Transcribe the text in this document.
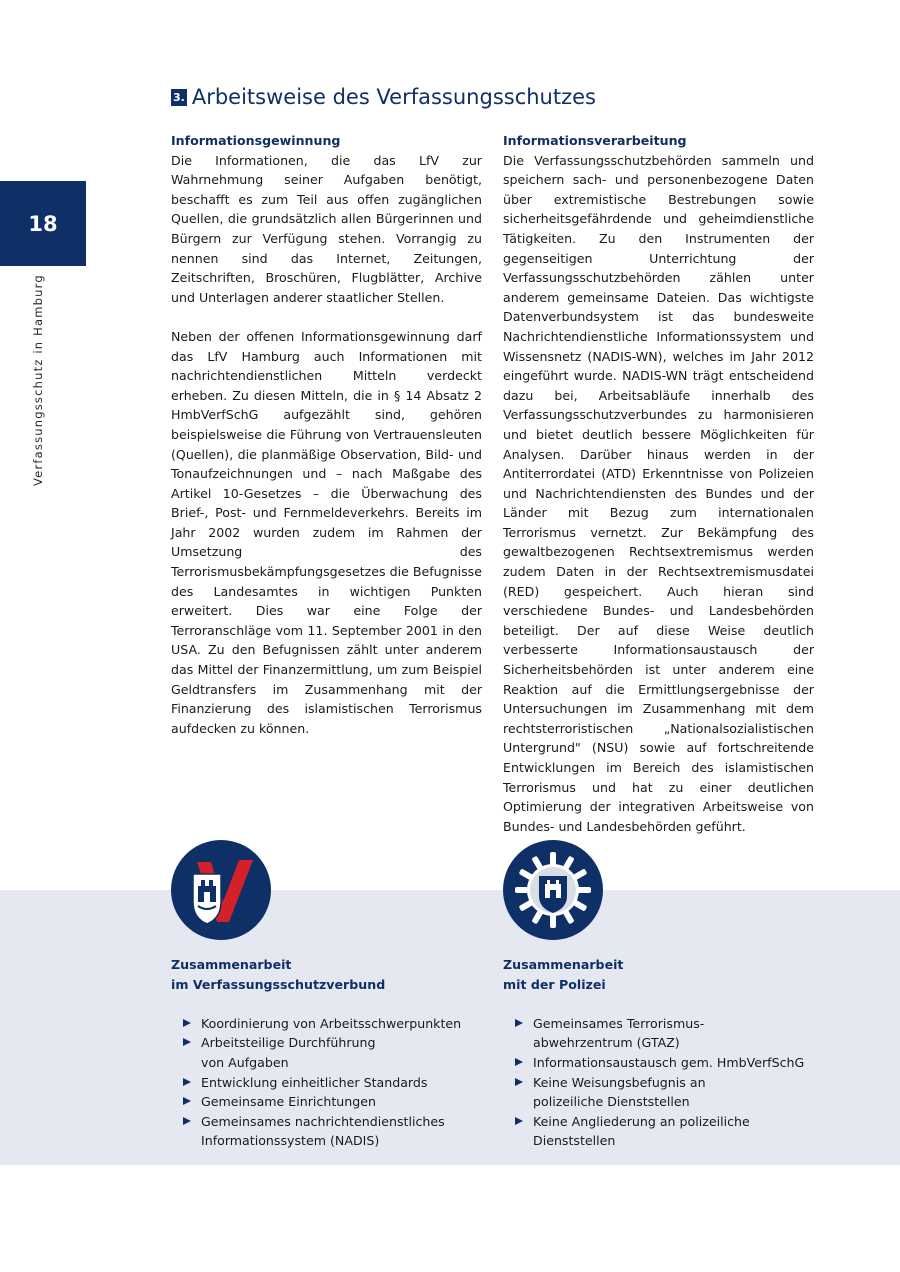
18
Verfassungsschutz in Hamburg
3. Arbeitsweise des Verfassungsschutzes
Informationsgewinnung

Die Informationen, die das LfV zur Wahrnehmung seiner Aufgaben benötigt, beschafft es zum Teil aus offen zugänglichen Quellen, die grundsätzlich allen Bürgerinnen und Bürgern zur Verfügung stehen. Vorrangig zu nennen sind das Internet, Zeitungen, Zeitschriften, Broschüren, Flugblätter, Archive und Unterlagen anderer staatlicher Stellen.

Neben der offenen Informationsgewinnung darf das LfV Hamburg auch Informationen mit nachrichtendienstlichen Mitteln verdeckt erheben. Zu diesen Mitteln, die in § 14 Absatz 2 HmbVerfSchG aufgezählt sind, gehören beispielsweise die Führung von Vertrauensleuten (Quellen), die planmäßige Observation, Bild- und Tonaufzeichnungen und – nach Maßgabe des Artikel 10-Gesetzes – die Überwachung des Brief-, Post- und Fernmeldeverkehrs. Bereits im Jahr 2002 wurden zudem im Rahmen der Umsetzung des Terrorismusbekämpfungsgesetzes die Befugnisse des Landesamtes in wichtigen Punkten erweitert. Dies war eine Folge der Terroranschläge vom 11. September 2001 in den USA. Zu den Befugnissen zählt unter anderem das Mittel der Finanzermittlung, um zum Beispiel Geldtransfers im Zusammenhang mit der Finanzierung des islamistischen Terrorismus aufdecken zu können.

Informationsverarbeitung

Die Verfassungsschutzbehörden sammeln und speichern sach- und personenbezogene Daten über extremistische Bestrebungen sowie sicherheitsgefährdende und geheimdienstliche Tätigkeiten. Zu den Instrumenten der gegenseitigen Unterrichtung der Verfassungsschutzbehörden zählen unter anderem gemeinsame Dateien. Das wichtigste Datenverbundsystem ist das bundesweite Nachrichtendienstliche Informationssystem und Wissensnetz (NADIS-WN), welches im Jahr 2012 eingeführt wurde. NADIS-WN trägt entscheidend dazu bei, Arbeitsabläufe innerhalb des Verfassungsschutzverbundes zu harmonisieren und bietet deutlich bessere Möglichkeiten für Analysen. Darüber hinaus werden in der Antiterrordatei (ATD) Erkenntnisse von Polizeien und Nachrichtendiensten des Bundes und der Länder mit Bezug zum internationalen Terrorismus vernetzt. Zur Bekämpfung des gewaltbezogenen Rechtsextremismus werden zudem Daten in der Rechtsextremismusdatei (RED) gespeichert. Auch hieran sind verschiedene Bundes- und Landesbehörden beteiligt. Der auf diese Weise deutlich verbesserte Informationsaustausch der Sicherheitsbehörden ist unter anderem eine Reaktion auf die Ermittlungsergebnisse der Untersuchungen im Zusammenhang mit dem rechtsterroristischen „Nationalsozialistischen Untergrund" (NSU) sowie auf fortschreitende Entwicklungen im Bereich des islamistischen Terrorismus und hat zu einer deutlichen Optimierung der integrativen Arbeitsweise von Bundes- und Landesbehörden geführt.

Zusammenarbeit
im Verfassungsschutzverbund
Koordinierung von Arbeitsschwerpunkten
Arbeitsteilige Durchführung
von Aufgaben
Entwicklung einheitlicher Standards
Gemeinsame Einrichtungen
Gemeinsames nachrichtendienstliches
Informationssystem (NADIS)
Zusammenarbeit
mit der Polizei
Gemeinsames Terrorismus-
abwehrzentrum (GTAZ)
Informationsaustausch gem. HmbVerfSchG
Keine Weisungsbefugnis an
polizeiliche Dienststellen
Keine Angliederung an polizeiliche
Dienststellen
